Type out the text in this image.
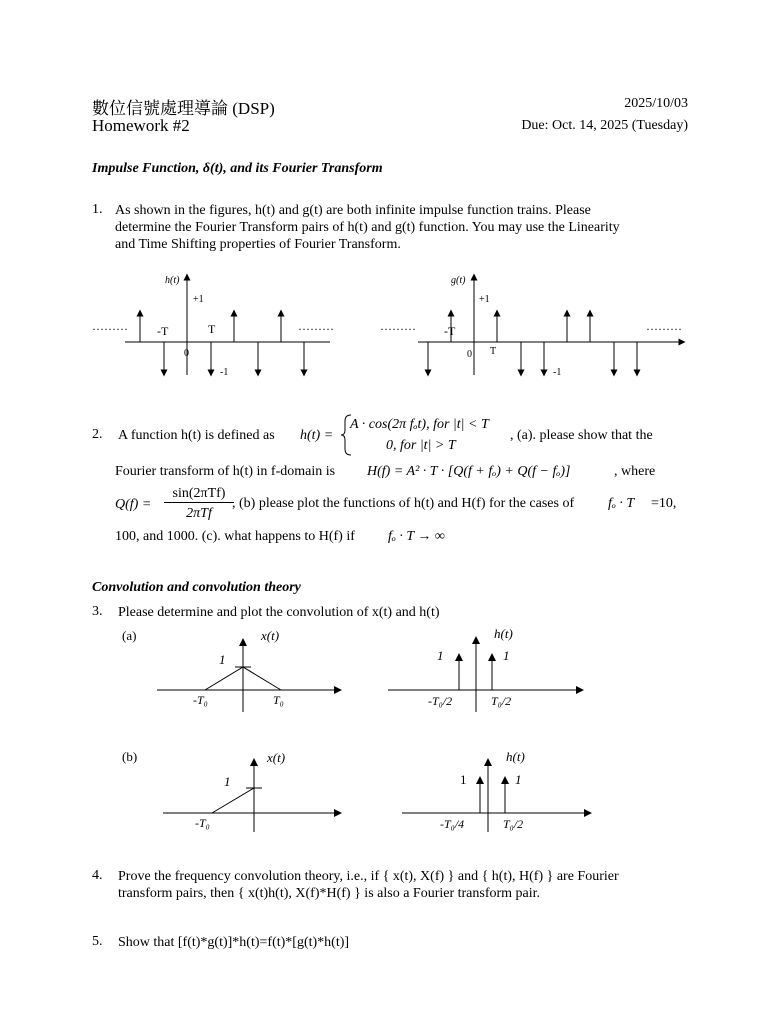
數位信號處理導論 (DSP)
Homework #2
2025/10/03
Due: Oct. 14, 2025 (Tuesday)
Impulse Function, δ(t), and its Fourier Transform
1. As shown in the figures, h(t) and g(t) are both infinite impulse function trains. Please
determine the Fourier Transform pairs of h(t) and g(t) function. You may use the Linearity
and Time Shifting properties of Fourier Transform.
h(t)
+1
-T	T
0
-1
·········	·········
g(t)
+1
-T
T
0
-1
·········	·········
2. A function h(t) is defined as h(t) =
A · cos(2π fₒt), for |t| < T
0, for |t| > T
, (a). please show that the
Fourier transform of h(t) in f-domain is H(f) = A² · T · [Q(f + fₒ) + Q(f − fₒ)]	, where
Q(f) =
sin(2πTf)
2πTf
, (b) please plot the functions of h(t) and H(f) for the cases of fₒ · T =10,
100, and 1000. (c). what happens to H(f) if fₒ · T → ∞
Convolution and convolution theory
3. Please determine and plot the convolution of x(t) and h(t)
(a)	x(t)
1
-T₀	T₀
h(t)
1	1
-T₀/2	T₀/2
(b)	x(t)
1
-T₀
h(t)
1	1
-T₀/4	T₀/2
4. Prove the frequency convolution theory, i.e., if { x(t), X(f) } and { h(t), H(f) } are Fourier
transform pairs, then { x(t)h(t), X(f)*H(f) } is also a Fourier transform pair.
5. Show that [f(t)*g(t)]*h(t)=f(t)*[g(t)*h(t)]
